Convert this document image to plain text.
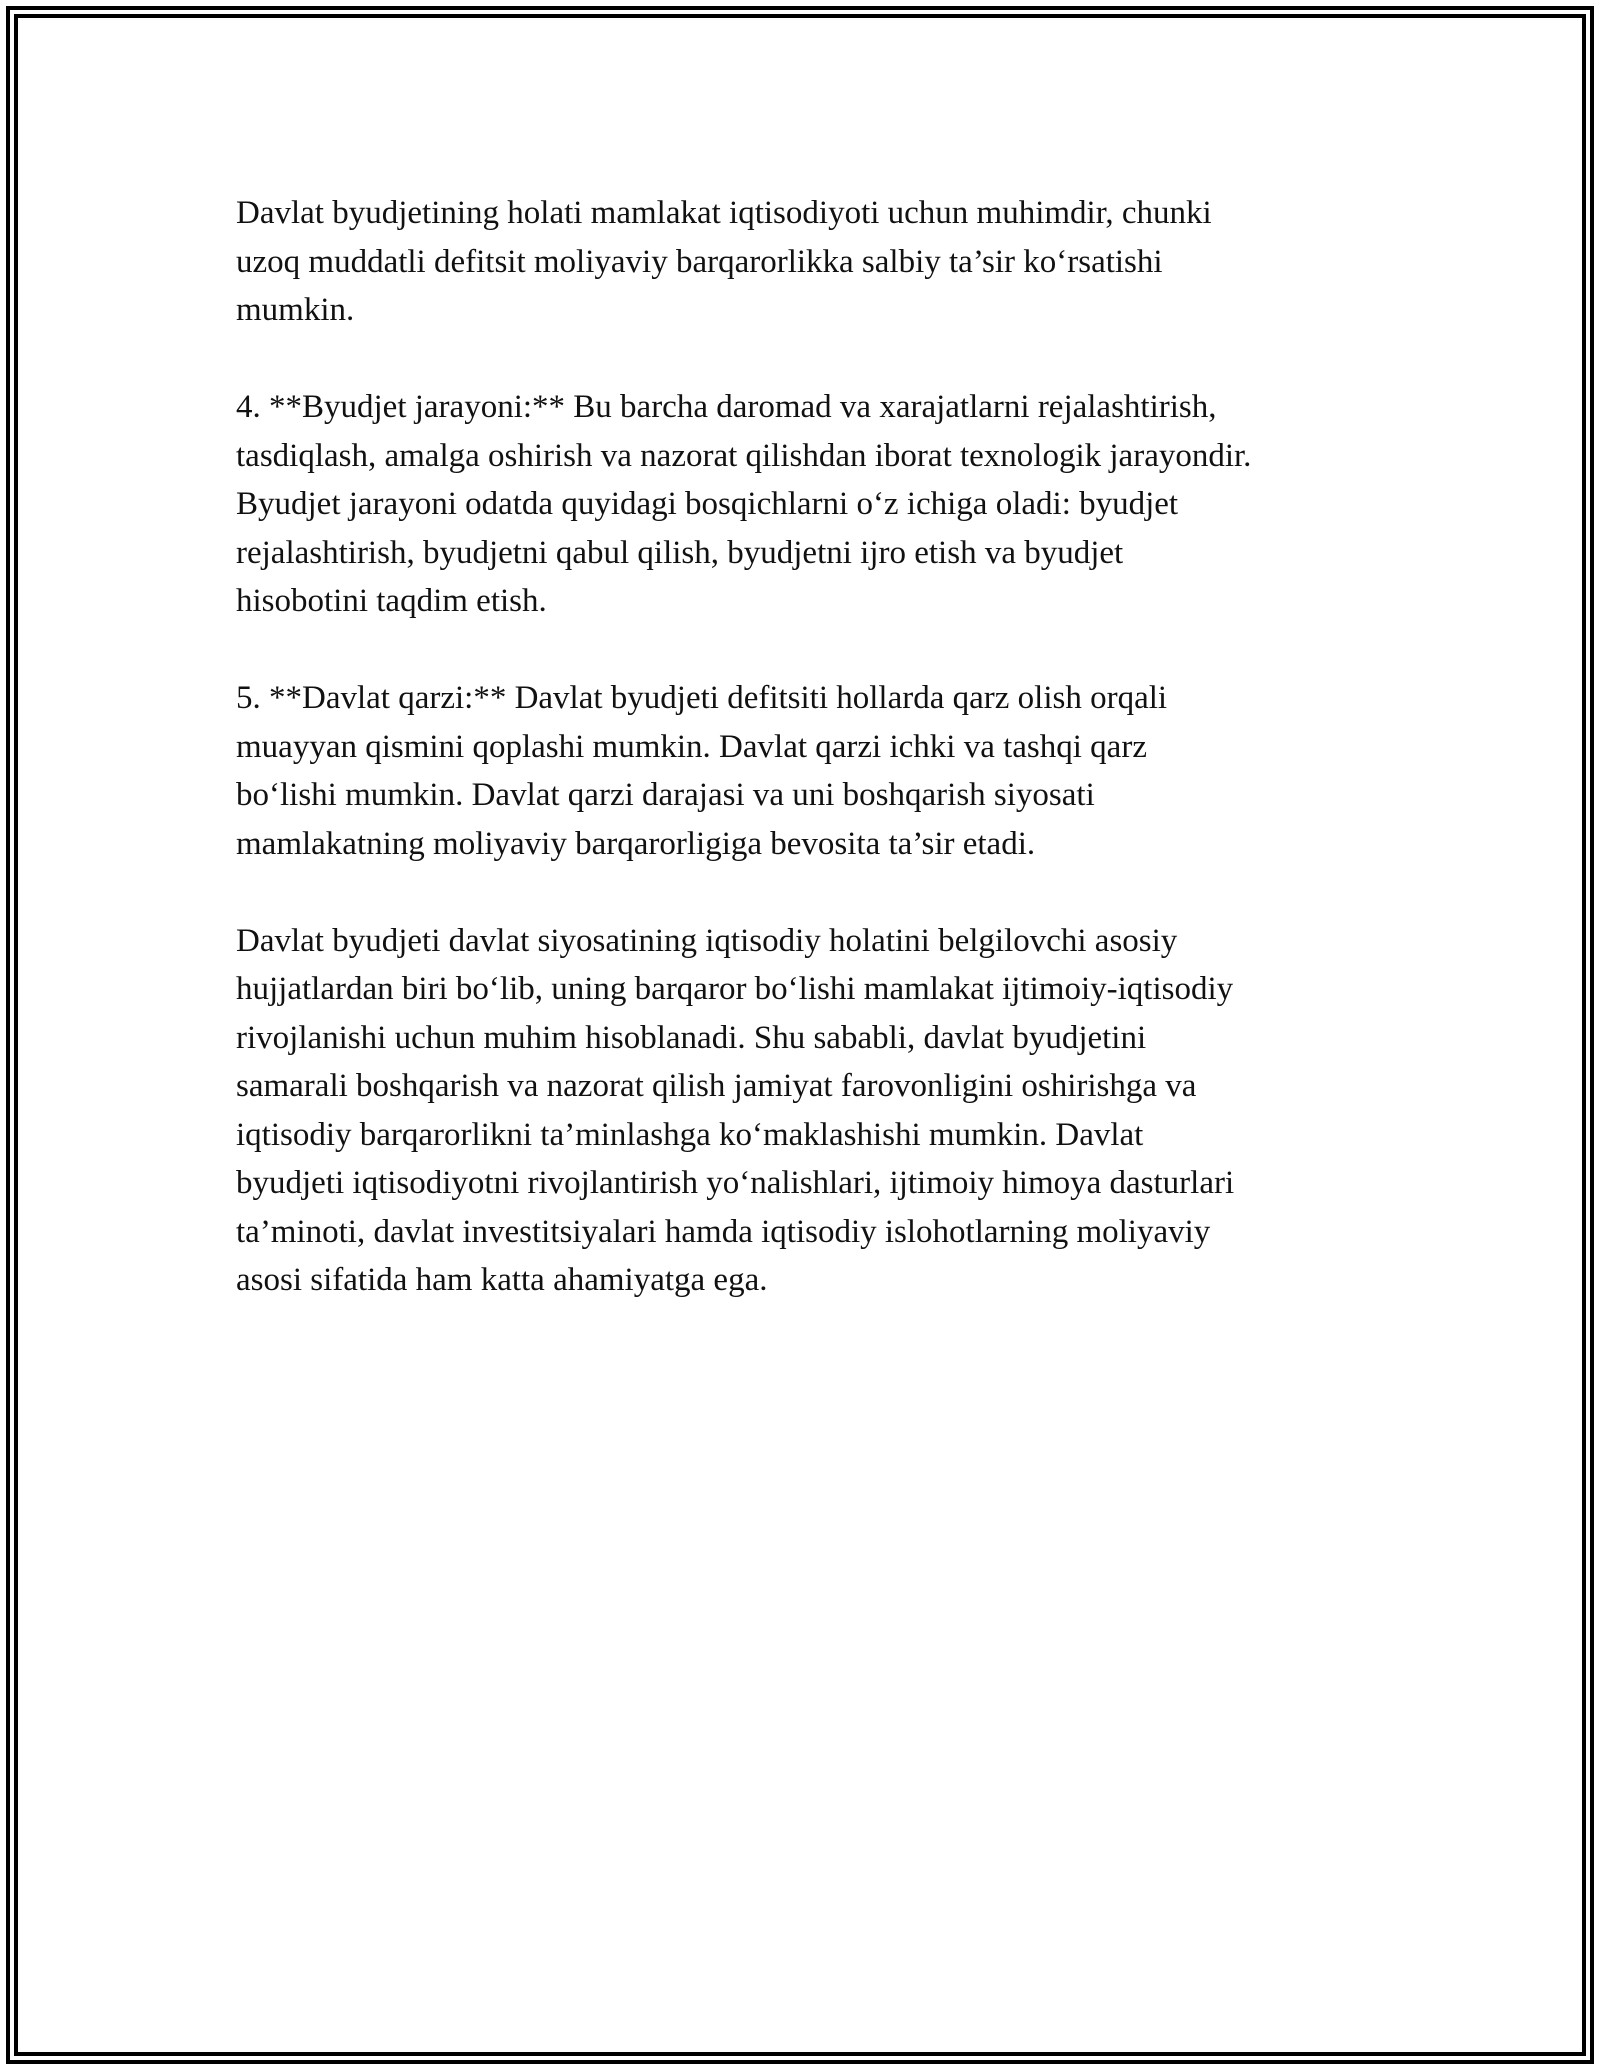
Davlat byudjetining holati mamlakat iqtisodiyoti uchun muhimdir, chunki
uzoq muddatli defitsit moliyaviy barqarorlikka salbiy ta’sir ko‘rsatishi
mumkin.
4. **Byudjet jarayoni:** Bu barcha daromad va xarajatlarni rejalashtirish,
tasdiqlash, amalga oshirish va nazorat qilishdan iborat texnologik jarayondir.
Byudjet jarayoni odatda quyidagi bosqichlarni o‘z ichiga oladi: byudjet
rejalashtirish, byudjetni qabul qilish, byudjetni ijro etish va byudjet
hisobotini taqdim etish.
5. **Davlat qarzi:** Davlat byudjeti defitsiti hollarda qarz olish orqali
muayyan qismini qoplashi mumkin. Davlat qarzi ichki va tashqi qarz
bo‘lishi mumkin. Davlat qarzi darajasi va uni boshqarish siyosati
mamlakatning moliyaviy barqarorligiga bevosita ta’sir etadi.
Davlat byudjeti davlat siyosatining iqtisodiy holatini belgilovchi asosiy
hujjatlardan biri bo‘lib, uning barqaror bo‘lishi mamlakat ijtimoiy-iqtisodiy
rivojlanishi uchun muhim hisoblanadi. Shu sababli, davlat byudjetini
samarali boshqarish va nazorat qilish jamiyat farovonligini oshirishga va
iqtisodiy barqarorlikni ta’minlashga ko‘maklashishi mumkin. Davlat
byudjeti iqtisodiyotni rivojlantirish yo‘nalishlari, ijtimoiy himoya dasturlari
ta’minoti, davlat investitsiyalari hamda iqtisodiy islohotlarning moliyaviy
asosi sifatida ham katta ahamiyatga ega.
